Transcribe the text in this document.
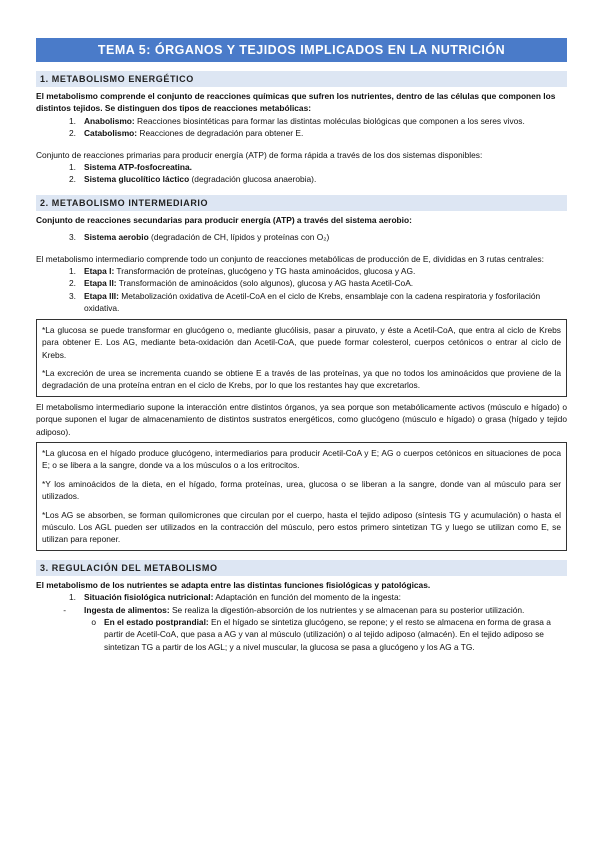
TEMA 5: ÓRGANOS Y TEJIDOS IMPLICADOS EN LA NUTRICIÓN
1. METABOLISMO ENERGÉTICO

El metabolismo comprende el conjunto de reacciones químicas que sufren los nutrientes, dentro de las células que componen los distintos tejidos. Se distinguen dos tipos de reacciones metabólicas:

1. Anabolismo: Reacciones biosintéticas para formar las distintas moléculas biológicas que componen a los seres vivos.
2. Catabolismo: Reacciones de degradación para obtener E.

Conjunto de reacciones primarias para producir energía (ATP) de forma rápida a través de los dos sistemas disponibles:

1. Sistema ATP-fosfocreatina.
2. Sistema glucolítico láctico (degradación glucosa anaerobia).
2. METABOLISMO INTERMEDIARIO

Conjunto de reacciones secundarias para producir energía (ATP) a través del sistema aerobio:

3. Sistema aerobio (degradación de CH, lípidos y proteínas con O₂)

El metabolismo intermediario comprende todo un conjunto de reacciones metabólicas de producción de E, divididas en 3 rutas centrales:

1. Etapa I: Transformación de proteínas, glucógeno y TG hasta aminoácidos, glucosa y AG.
2. Etapa II: Transformación de aminoácidos (solo algunos), glucosa y AG hasta Acetil-CoA.
3. Etapa III: Metabolización oxidativa de Acetil-CoA en el ciclo de Krebs, ensamblaje con la cadena respiratoria y fosforilación oxidativa.

*La glucosa se puede transformar en glucógeno o, mediante glucólisis, pasar a piruvato, y éste a Acetil-CoA, que entra al ciclo de Krebs para obtener E. Los AG, mediante beta-oxidación dan Acetil-CoA, que puede formar colesterol, cuerpos cetónicos o entrar al ciclo de Krebs.

*La excreción de urea se incrementa cuando se obtiene E a través de las proteínas, ya que no todos los aminoácidos que proviene de la degradación de una proteína entran en el ciclo de Krebs, por lo que los restantes hay que excretarlos.

El metabolismo intermediario supone la interacción entre distintos órganos, ya sea porque son metabólicamente activos (músculo e hígado) o porque suponen el lugar de almacenamiento de distintos sustratos energéticos, como glucógeno (músculo e hígado) o grasa (hígado y tejido adiposo).

*La glucosa en el hígado produce glucógeno, intermediarios para producir Acetil-CoA y E; AG o cuerpos cetónicos en situaciones de poca E; o se libera a la sangre, donde va a los músculos o a los eritrocitos.

*Y los aminoácidos de la dieta, en el hígado, forma proteínas, urea, glucosa o se liberan a la sangre, donde van al músculo para ser utilizados.

*Los AG se absorben, se forman quilomicrones que circulan por el cuerpo, hasta el tejido adiposo (síntesis TG y acumulación) o hasta el músculo. Los AGL pueden ser utilizados en la contracción del músculo, pero estos primero sintetizan TG y luego se utilizan como E, se utilizan para reponer.

3. REGULACIÓN DEL METABOLISMO

El metabolismo de los nutrientes se adapta entre las distintas funciones fisiológicas y patológicas.

1. Situación fisiológica nutricional: Adaptación en función del momento de la ingesta:
-	Ingesta de alimentos: Se realiza la digestión-absorción de los nutrientes y se almacenan para su posterior utilización.
o En el estado postprandial: En el hígado se sintetiza glucógeno, se repone; y el resto se almacena en forma de grasa a partir de Acetil-CoA, que pasa a AG y van al músculo (utilización) o al tejido adiposo (almacén). En el tejido adiposo se sintetizan TG a partir de los AGL; y a nivel muscular, la glucosa se pasa a glucógeno y los AG a TG.
